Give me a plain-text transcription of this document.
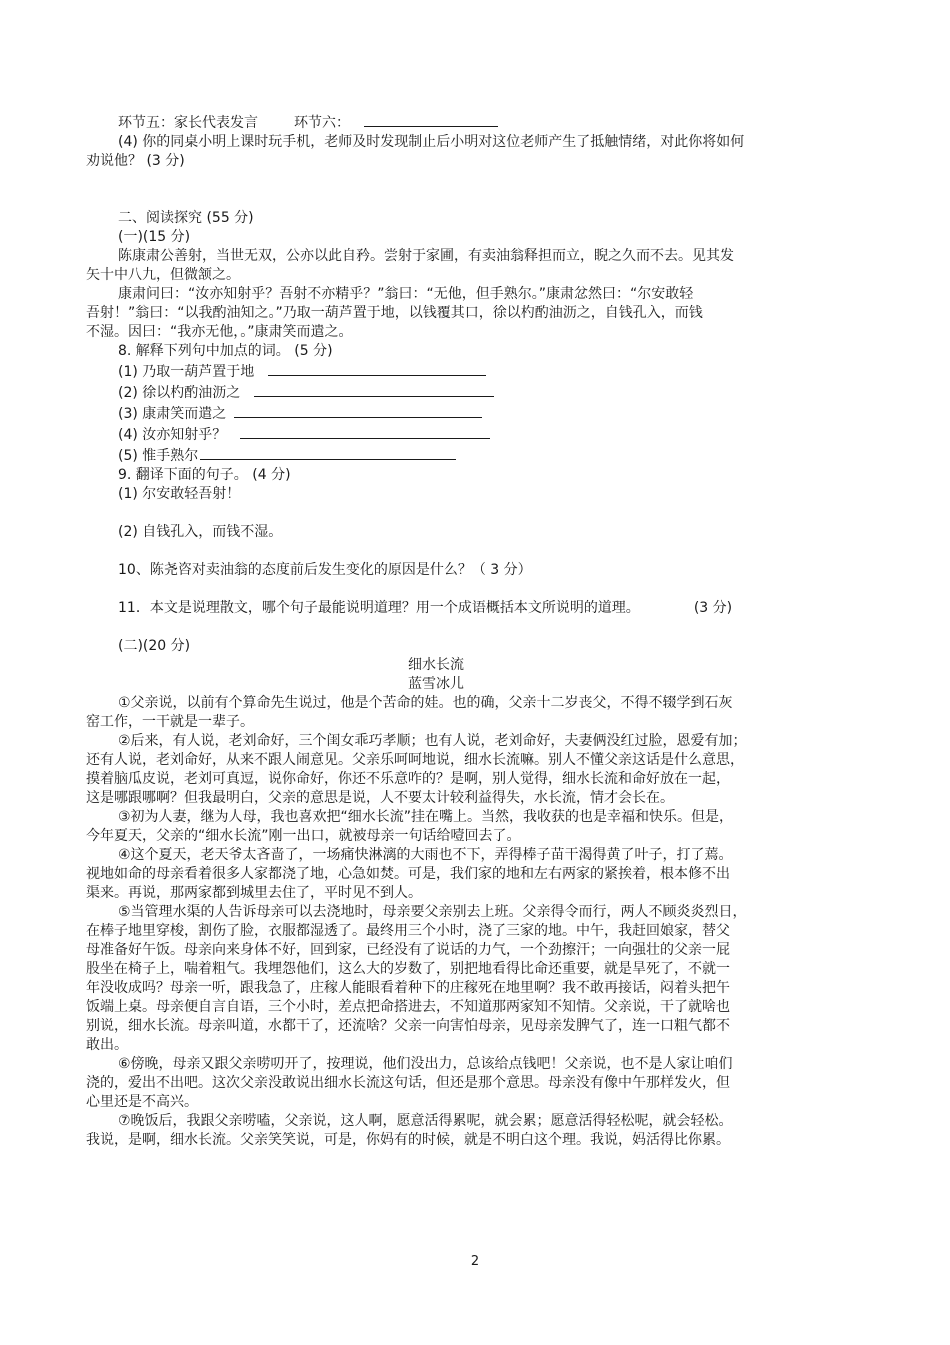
环节五：家长代表发言	环节六：

(4) 你的同桌小明上课时玩手机，老师及时发现制止后小明对这位老师产生了抵触情绪，对此你将如何

劝说他？ (3 分)

二、阅读探究 (55 分)

(一)(15 分)

陈康肃公善射，当世无双，公亦以此自矜。尝射于家圃，有卖油翁释担而立，睨之久而不去。见其发

矢十中八九，但微颔之。

康肃问曰：“汝亦知射乎？吾射不亦精乎？”翁曰：“无他，但手熟尔。”康肃忿然曰：“尔安敢轻

吾射！”翁曰：“以我酌油知之。”乃取一葫芦置于地，以钱覆其口，徐以杓酌油沥之，自钱孔入，而钱

不湿。因曰：“我亦无他，。”康肃笑而遣之。

8. 解释下列句中加点的词。 (5 分)

(1) 乃取一葫芦置于地

(2) 徐以杓酌油沥之

(3) 康肃笑而遣之

(4) 汝亦知射乎？

(5) 惟手熟尔

9. 翻译下面的句子。 (4 分)

(1) 尔安敢轻吾射！

(2) 自钱孔入，而钱不湿。

10、陈尧咨对卖油翁的态度前后发生变化的原因是什么？（ 3 分）

11．本文是说理散文，哪个句子最能说明道理？用一个成语概括本文所说明的道理。	(3 分)

(二)(20 分)

细水长流

蓝雪冰儿

①父亲说，以前有个算命先生说过，他是个苦命的娃。也的确，父亲十二岁丧父，不得不辍学到石灰

窑工作，一干就是一辈子。

②后来，有人说，老刘命好，三个闺女乖巧孝顺；也有人说，老刘命好，夫妻俩没红过脸，恩爱有加；

还有人说，老刘命好，从来不跟人闹意见。父亲乐呵呵地说，细水长流嘛。别人不懂父亲这话是什么意思，

摸着脑瓜皮说，老刘可真逗，说你命好，你还不乐意咋的？是啊，别人觉得，细水长流和命好放在一起，

这是哪跟哪啊？但我最明白，父亲的意思是说，人不要太计较利益得失，水长流，情才会长在。

③初为人妻，继为人母，我也喜欢把“细水长流”挂在嘴上。当然，我收获的也是幸福和快乐。但是，

今年夏天，父亲的“细水长流”刚一出口，就被母亲一句话给噎回去了。

④这个夏天，老天爷太吝啬了，一场痛快淋漓的大雨也不下，弄得棒子苗干渴得黄了叶子，打了蔫。

视地如命的母亲看着很多人家都浇了地，心急如焚。可是，我们家的地和左右两家的紧挨着，根本修不出

渠来。再说，那两家都到城里去住了，平时见不到人。

⑤当管理水渠的人告诉母亲可以去浇地时，母亲要父亲别去上班。父亲得令而行，两人不顾炎炎烈日，

在棒子地里穿梭，割伤了脸，衣服都湿透了。最终用三个小时，浇了三家的地。中午，我赶回娘家，替父

母准备好午饭。母亲向来身体不好，回到家，已经没有了说话的力气，一个劲擦汗；一向强壮的父亲一屁

股坐在椅子上，喘着粗气。我埋怨他们，这么大的岁数了，别把地看得比命还重要，就是旱死了，不就一

年没收成吗？母亲一听，跟我急了，庄稼人能眼看着种下的庄稼死在地里啊？我不敢再接话，闷着头把午

饭端上桌。母亲便自言自语，三个小时，差点把命搭进去，不知道那两家知不知情。父亲说，干了就啥也

别说，细水长流。母亲叫道，水都干了，还流啥？父亲一向害怕母亲，见母亲发脾气了，连一口粗气都不

敢出。

⑥傍晚，母亲又跟父亲唠叨开了，按理说，他们没出力，总该给点钱吧！父亲说，也不是人家让咱们

浇的，爱出不出吧。这次父亲没敢说出细水长流这句话，但还是那个意思。母亲没有像中午那样发火，但

心里还是不高兴。

⑦晚饭后，我跟父亲唠嗑，父亲说，这人啊，愿意活得累呢，就会累；愿意活得轻松呢，就会轻松。

我说，是啊，细水长流。父亲笑笑说，可是，你妈有的时候，就是不明白这个理。我说，妈活得比你累。

2
